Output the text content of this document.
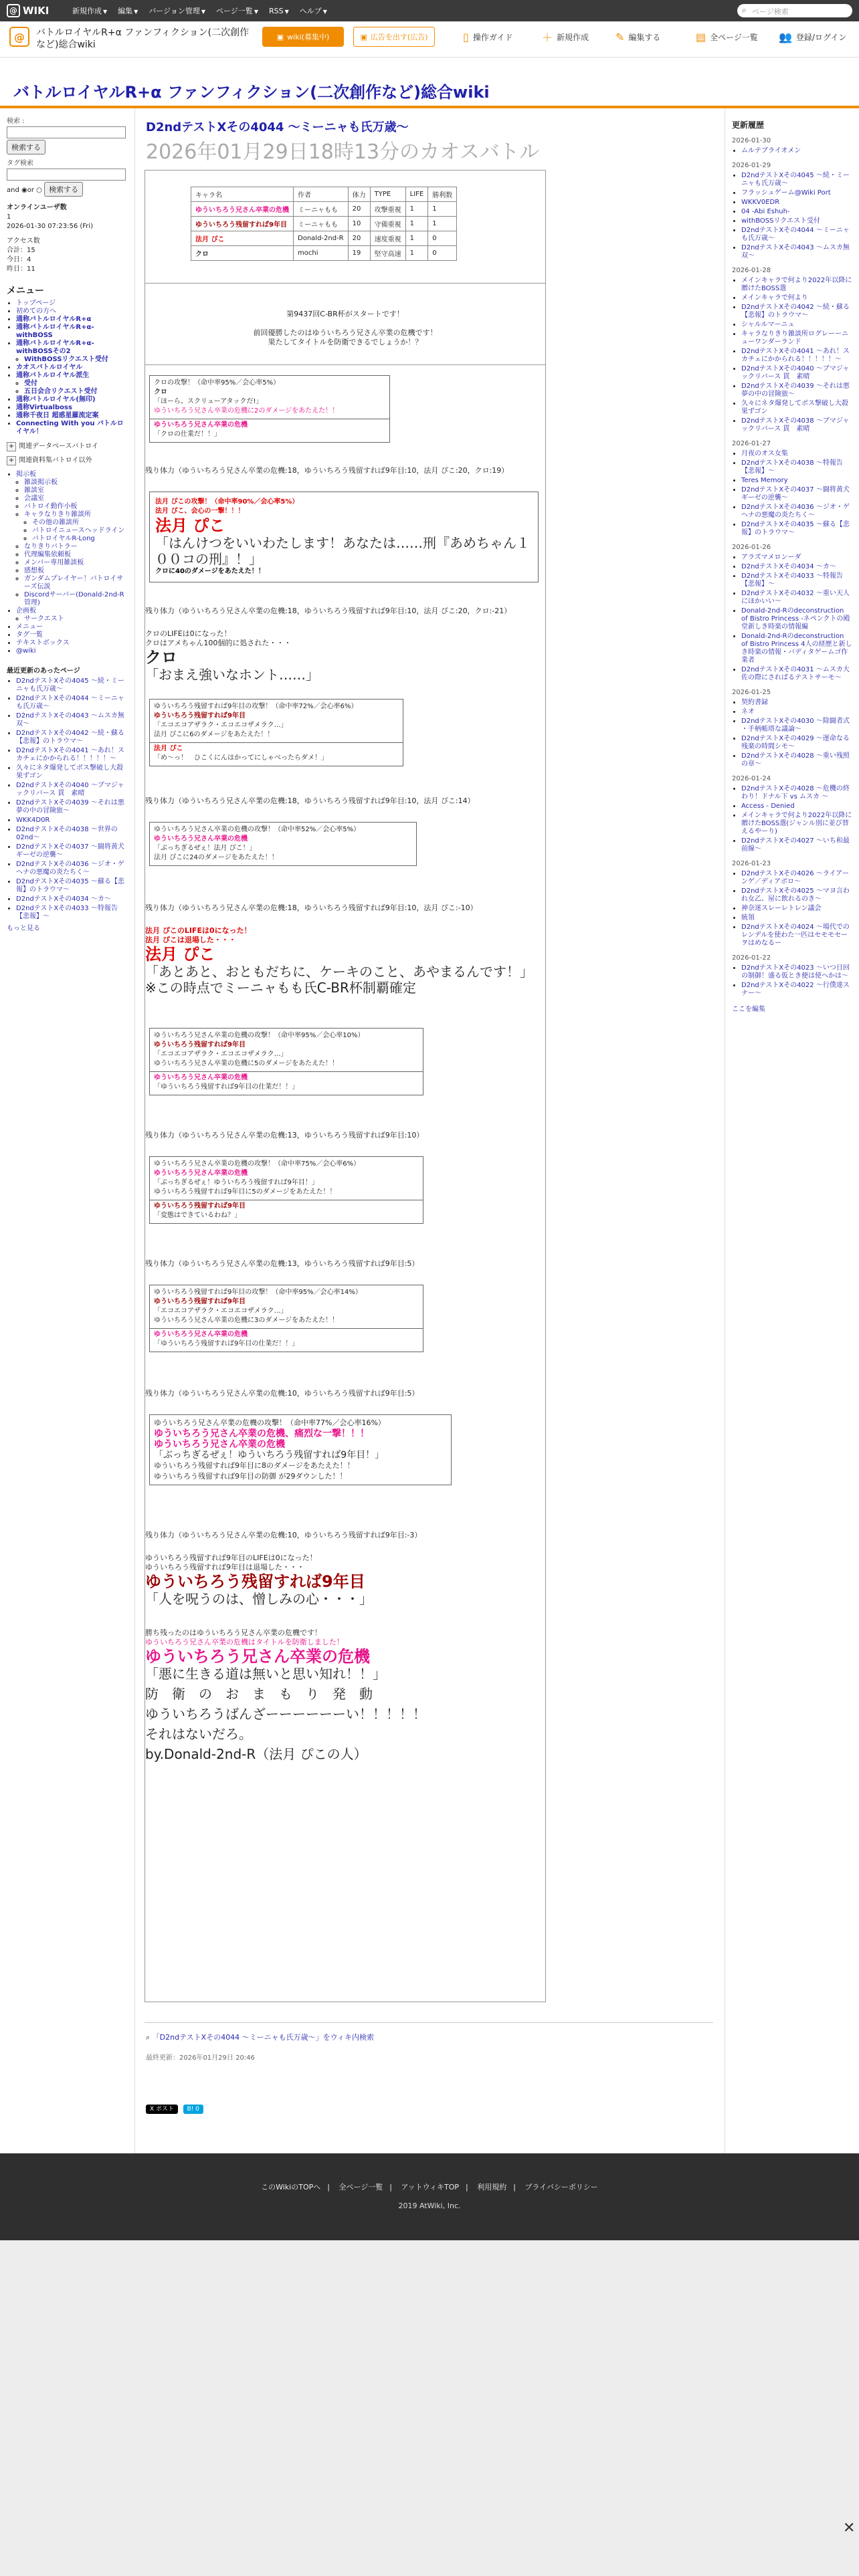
@ WIKI	新規作成 ▼ 編集 ▼ バージョン管理 ▼ ページ一覧 ▼ RSS ▼ ヘルプ ▼	⌕ ページ検索
@	バトルロイヤルR+α ファンフィクション(二次創作など)総合wiki
▣ wiki(募集中)	▣ 広告を出す(広告)	▯ 操作ガイド	＋ 新規作成 ✎ 編集する	▤ 全ページ一覧 👥 登録/ログイン
バトルロイヤルR+α ファンフィクション(二次創作など)総合wiki
検索 :
検索する
タグ検索
and ◉or ○ 検索する
オンラインユーザ数
1
2026-01-30 07:23:56 (Fri)
アクセス数
合計：15
今日：4
昨日：11
メニュー
• トップページ
• 初めての方へ
• 通称バトルロイヤルR+α
• 通称バトルロイヤルR+α-withBOSS
• 通称バトルロイヤルR+α-withBOSSその2
◦ WithBOSSリクエスト受付
• カオスバトルロイヤル
• 通称バトルロイヤル派生
◦ 受付
◦ 五日会合リクエスト受付
• 通称バトルロイヤル(無印)
• 通称Virtualboss
• 通称千夜日 超惑星羅流定案
• Connecting With you バトルロイヤル！
+ 関連データベースバトロイ
+ 関連資料集バトロイ以外
• 掲示板
◦ 雑談掲示板
◦ 雑談室
◦ 会議室
◦ バトロイ動作小板
◦ キャラなりきり雑談所
◦ その他の雑談所
◦ バトロイニュースヘッドライン
◦ バトロイヤルR-Long
◦ なりきりバトラー
◦ 代理編集依頼板
◦ メンバー専用雑談板
◦ 感想板
◦ ガンダムプレイヤー！バトロイサーズ伝説
◦ Discordサーバー(Donald-2nd-R管理)
• 企画板
◦ サークエスト
• メニュー
• タグ一覧
• テキストボックス
• @wiki
最近更新のあったページ
• D2ndテストXその4045 〜続・ミーニャも氏万歳〜
• D2ndテストXその4044 〜ミーニャも氏万歳〜
• D2ndテストXその4043 〜ムスカ無双〜
• D2ndテストXその4042 〜続・蘇る【悲報】のトラウマ〜
• D2ndテストXその4041 〜あれ！スカチェにかかられる！！！！！〜
• 久々にネタ爆発してボス撃破し大殺果ずゴン
• D2ndテストXその4040 〜ブマジャックリバース 貫　素晴
• D2ndテストXその4039 〜それは悪夢の中の冒険旅〜
• WKK4D0R
• D2ndテストXその4038 〜世界の02nd〜
• D2ndテストXその4037 〜闘将黄犬ギーゼの逆襲〜
• D2ndテストXその4036 〜ジオ・ゲヘナの悪魔の炎たちく〜
• D2ndテストXその4035 〜蘇る【悲報】のトラウマ〜
• D2ndテストXその4034 〜カ〜
• D2ndテストXその4033 〜特報告【悲報】〜
もっと見る
D2ndテストXその4044 〜ミーニャも氏万歳〜
2026年01月29日18時13分のカオスバトル
キャラ名	作者	体力	TYPE	LIFE	勝利数
ゆういちろう兄さん卒業の危機	ミーニャもも	20	攻撃重視	1	1
ゆういちろう残留すれば9年目	ミーニャもも	10	守備重視	1	1
法月 ぴこ	Donald-2nd-R	20	速度重視	1	0
クロ	mochi	19	堅守高速	1	0
第9437回C-BR杯がスタートです！

前回優勝したのはゆういちろう兄さん卒業の危機です！
果たしてタイトルを防衛できるでしょうか！？
クロの攻撃！（命中率95%／会心率5%）
クロ
「ほーら、スクリューアタックだ!」
ゆういちろう兄さん卒業の危機に2のダメージをあたえた！！
ゆういちろう兄さん卒業の危機
「クロの仕業だ！！」
残り体力（ゆういちろう兄さん卒業の危機:18，ゆういちろう残留すれば9年目:10，法月 ぴこ:20，クロ:19）
法月 ぴこの攻撃！（命中率90%／会心率5%）
法月 ぴこ、会心の一撃！！！
法月 ぴこ
「はんけつをいいわたします！あなたは……刑『あめちゃん１００コの刑』！」
クロに40のダメージをあたえた！！
残り体力（ゆういちろう兄さん卒業の危機:18，ゆういちろう残留すれば9年目:10，法月 ぴこ:20，クロ:-21）
クロのLIFEは0になった！
クロはアメちゃん100個的に処された・・・
クロ
「おまえ強いなホント……」
ゆういちろう残留すれば9年目の攻撃！（命中率72%／会心率6%）
ゆういちろう残留すれば9年目
「エコエコアザラク・エコエコザメラク…」
法月 ぴこに6のダメージをあたえた！！
法月 ぴこ
「め〜っ！　ひこくにんはかってにしゃべったらダメ！」
残り体力（ゆういちろう兄さん卒業の危機:18，ゆういちろう残留すれば9年目:10，法月 ぴこ:14）
ゆういちろう兄さん卒業の危機の攻撃！（命中率52%／会心率5%）
ゆういちろう兄さん卒業の危機
「ぶっちぎるぜぇ！法月 ぴこ！」
法月 ぴこに24のダメージをあたえた！！
残り体力（ゆういちろう兄さん卒業の危機:18，ゆういちろう残留すれば9年目:10，法月 ぴこ:-10）
法月 ぴこのLIFEは0になった！
法月 ぴこは退場した・・・
法月 ぴこ
「あとあと、おともだちに、ケーキのこと、あやまるんです！」
※この時点でミーニャもも氏C-BR杯制覇確定
ゆういちろう兄さん卒業の危機の攻撃！（命中率95%／会心率10%）
ゆういちろう残留すれば9年目
「エコエコアザラク・エコエコザメラク…」
ゆういちろう兄さん卒業の危機に5のダメージをあたえた！！
ゆういちろう兄さん卒業の危機
「ゆういちろう残留すれば9年目の仕業だ！！」
残り体力（ゆういちろう兄さん卒業の危機:13，ゆういちろう残留すれば9年目:10）
ゆういちろう兄さん卒業の危機の攻撃！（命中率75%／会心率6%）
ゆういちろう兄さん卒業の危機
「ぶっちぎるぜぇ！ゆういちろう残留すれば9年目！」
ゆういちろう残留すれば9年目に5のダメージをあたえた！！
ゆういちろう残留すれば9年目
「変態はできているわね？」
残り体力（ゆういちろう兄さん卒業の危機:13，ゆういちろう残留すれば9年目:5）
ゆういちろう残留すれば9年目の攻撃！（命中率95%／会心率14%）
ゆういちろう残留すれば9年目
「エコエコアザラク・エコエコザメラク…」
ゆういちろう兄さん卒業の危機に3のダメージをあたえた！！
ゆういちろう兄さん卒業の危機
「ゆういちろう残留すれば9年目の仕業だ！！」
残り体力（ゆういちろう兄さん卒業の危機:10，ゆういちろう残留すれば9年目:5）
ゆういちろう兄さん卒業の危機の攻撃！（命中率77%／会心率16%）
ゆういちろう兄さん卒業の危機、痛烈な一撃！！！
ゆういちろう兄さん卒業の危機
「ぶっちぎるぜぇ！ゆういちろう残留すれば9年目！」
ゆういちろう残留すれば9年目に8のダメージをあたえた！！
ゆういちろう残留すれば9年目の防御 が29ダウンした！！
残り体力（ゆういちろう兄さん卒業の危機:10，ゆういちろう残留すれば9年目:-3）
ゆういちろう残留すれば9年目のLIFEは0になった！
ゆういちろう残留すれば9年目は退場した・・・
ゆういちろう残留すれば9年目
「人を呪うのは、憎しみの心・・・」
勝ち残ったのはゆういちろう兄さん卒業の危機です！
ゆういちろう兄さん卒業の危機はタイトルを防衛しました！
ゆういちろう兄さん卒業の危機
「悪に生きる道は無いと思い知れ！！」
防　衛　の　お　ま　も　り　発　動
ゆういちろうばんざーーーーーーい！！！！！
それはないだろ。
by.Donald-2nd-R（法月 ぴこの人）
⌕ 「D2ndテストXその4044 〜ミーニャも氏万歳〜」をウィキ内検索
最終更新：2026年01月29日 20:46
X ポスト B! 0
更新履歴
2026-01-30
• ムルテブライオメン
2026-01-29
• D2ndテストXその4045 〜続・ミーニャも氏万歳〜
• フラッシュゲーム@Wiki Port
• WKKV0EDR
• 04 -Abi Eshuh-
• withBOSSリクエスト受付
• D2ndテストXその4044 〜ミーニャも氏万歳〜
• D2ndテストXその4043 〜ムスカ無双〜
2026-01-28
• メインキャラで何より2022年以降に贈けたBOSS選
• メインキャラで何より
• D2ndテストXその4042 〜続・蘇る【悲報】のトラウマ〜
• シャルルマーニュ
• キャラなりきり雑談所ログレーーニューワンダーランド
• D2ndテストXその4041 〜あれ！スカチェにかかられる！！！！！〜
• D2ndテストXその4040 〜ブマジャックリバース 貫　素晴
• D2ndテストXその4039 〜それは悪夢の中の冒険旅〜
• 久々にネタ爆発してボス撃破し大殺果ずゴン
• D2ndテストXその4038 〜ブマジャックリバース 貫　素晴
2026-01-27
• 月夜のオス女集
• D2ndテストXその4038 〜特報告【悲報】〜
• Teres Memory
• D2ndテストXその4037 〜闘将黄犬ギーゼの逆襲〜
• D2ndテストXその4036 〜ジオ・ゲヘナの悪魔の炎たちく〜
• D2ndテストXその4035 〜蘇る【悲報】のトラウマ〜
2026-01-26
• アラズマメロンーダ
• D2ndテストXその4034 〜カ〜
• D2ndテストXその4033 〜特報告【悲報】〜
• D2ndテストXその4032 〜重い天人にほかいい〜
• Donald-2nd-Rのdeconstruction of Bistro Princess -ネペンクトの殿堂新しき時楽の情報編
• Donald-2nd-Rのdeconstruction of Bistro Princess 4人の経歴と新しき時楽の情報・バディタゲームゴ作業者
• D2ndテストXその4031 〜ムスカ大佐の際にさればるテストサーモ〜
2026-01-25
• 契約書録
• ネオ
• D2ndテストXその4030 〜除闘者式 ・手柄帳塔な議論〜
• D2ndテストXその4029 〜運命なる残楽の時間シモ〜
• D2ndテストXその4028 〜重い残照の章〜
2026-01-24
• D2ndテストXその4028 〜危機の終わり！ドナル下 vs ムスカ 〜
• Access - Denied
• メインキャラで何より2022年以降に贈けたBOSS選(ジャンル別に並び替えるやーり)
• D2ndテストXその4027 〜いち和最前線〜
2026-01-23
• D2ndテストXその4026 〜ライアーンゲ／ディアボロ〜
• D2ndテストXその4025 〜マヨ言われ女乙、屋に飲れるのき〜
• 神奈迷スレーレトレン議会
• 統領
• D2ndテストXその4024 〜場代でのレンデルを使わた一匹はセモモセーヲはめなるー
2026-01-22
• D2ndテストXその4023 〜いつ日回の制御！盛る仮とき便は使へかは〜
• D2ndテストXその4022 〜行僕達スナー〜
ここを編集
このWikiのTOPへ | 全ページ一覧 | アットウィキTOP | 利用規約 | プライバシーポリシー
2019 AtWiki, Inc.
✕
